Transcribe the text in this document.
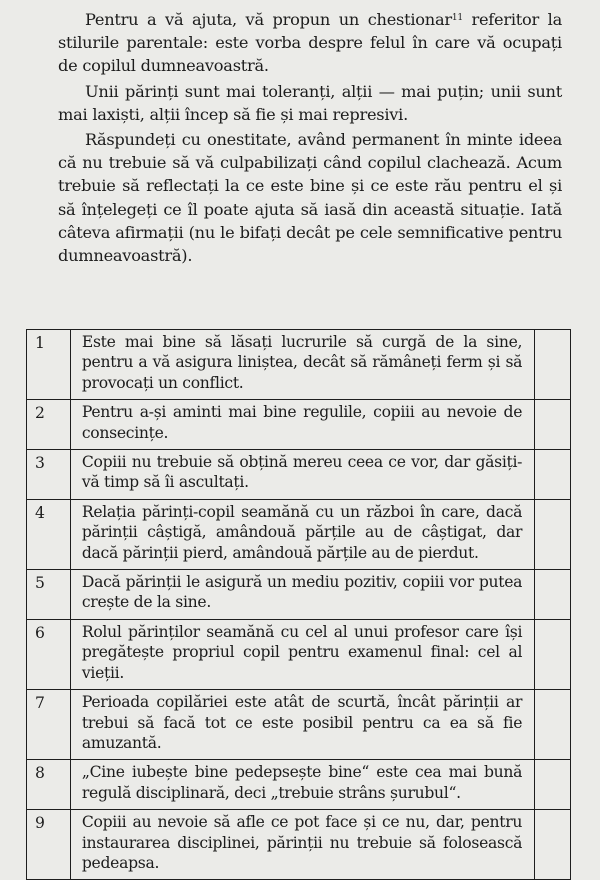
Pentru a vă ajuta, vă propun un chestionar$^{11}$ referitor la stilurile parentale: este vorba despre felul în care vă ocupați de copilul dumneavoastră.

Unii părinți sunt mai toleranți, alții — mai puțin; unii sunt mai laxiști, alții încep să fie și mai represivi.

Răspundeți cu onestitate, având permanent în minte ideea că nu trebuie să vă culpabilizați când copilul clachează. Acum trebuie să reflectați la ce este bine și ce este rău pentru el și să înțelegeți ce îl poate ajuta să iasă din această situație. Iată câteva afirmații (nu le bifați decât pe cele semnificative pentru dumneavoastră).

1	Este mai bine să lăsați lucrurile să curgă de la sine, pentru a vă asigura liniștea, decât să rămâneți ferm și să provocați un conflict.	
2	Pentru a-și aminti mai bine regulile, copiii au nevoie de consecințe.	
3	Copiii nu trebuie să obțină mereu ceea ce vor, dar găsiți-vă timp să îi ascultați.	
4	Relația părinți-copil seamănă cu un război în care, dacă părinții câștigă, amândouă părțile au de câștigat, dar dacă părinții pierd, amândouă părțile au de pierdut.	
5	Dacă părinții le asigură un mediu pozitiv, copiii vor putea crește de la sine.	
6	Rolul părinților seamănă cu cel al unui profesor care își pregătește propriul copil pentru examenul final: cel al vieții.	
7	Perioada copilăriei este atât de scurtă, încât părinții ar trebui să facă tot ce este posibil pentru ca ea să fie amuzantă.	
8	„Cine iubește bine pedepsește bine“ este cea mai bună regulă disciplinară, deci „trebuie strâns șurubul“.	
9	Copiii au nevoie să afle ce pot face și ce nu, dar, pentru instaurarea disciplinei, părinții nu trebuie să folosească pedeapsa.	
